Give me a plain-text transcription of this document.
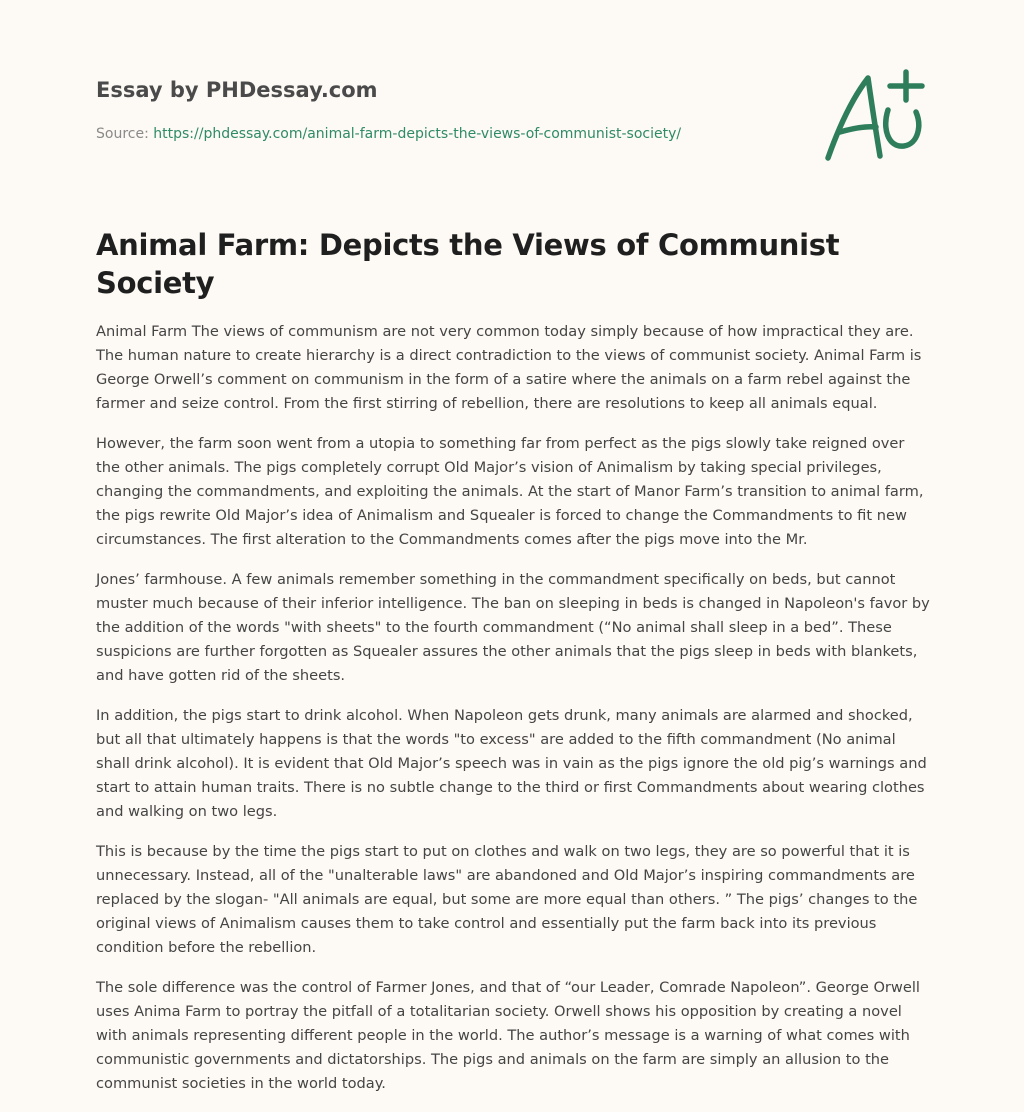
Essay by PHDessay.com
Source: https://phdessay.com/animal-farm-depicts-the-views-of-communist-society/
Animal Farm: Depicts the Views of Communist Society

Animal Farm The views of communism are not very common today simply because of how impractical they are. The human nature to create hierarchy is a direct contradiction to the views of communist society. Animal Farm is George Orwell’s comment on communism in the form of a satire where the animals on a farm rebel against the farmer and seize control. From the first stirring of rebellion, there are resolutions to keep all animals equal.

However, the farm soon went from a utopia to something far from perfect as the pigs slowly take reigned over the other animals. The pigs completely corrupt Old Major’s vision of Animalism by taking special privileges, changing the commandments, and exploiting the animals. At the start of Manor Farm’s transition to animal farm, the pigs rewrite Old Major’s idea of Animalism and Squealer is forced to change the Commandments to fit new circumstances. The first alteration to the Commandments comes after the pigs move into the Mr.

Jones’ farmhouse. A few animals remember something in the commandment specifically on beds, but cannot muster much because of their inferior intelligence. The ban on sleeping in beds is changed in Napoleon's favor by the addition of the words "with sheets" to the fourth commandment (“No animal shall sleep in a bed”. These suspicions are further forgotten as Squealer assures the other animals that the pigs sleep in beds with blankets, and have gotten rid of the sheets.

In addition, the pigs start to drink alcohol. When Napoleon gets drunk, many animals are alarmed and shocked, but all that ultimately happens is that the words "to excess" are added to the fifth commandment (No animal shall drink alcohol). It is evident that Old Major’s speech was in vain as the pigs ignore the old pig’s warnings and start to attain human traits. There is no subtle change to the third or first Commandments about wearing clothes and walking on two legs.

This is because by the time the pigs start to put on clothes and walk on two legs, they are so powerful that it is unnecessary. Instead, all of the "unalterable laws" are abandoned and Old Major’s inspiring commandments are replaced by the slogan- "All animals are equal, but some are more equal than others. ” The pigs’ changes to the original views of Animalism causes them to take control and essentially put the farm back into its previous condition before the rebellion.

The sole difference was the control of Farmer Jones, and that of “our Leader, Comrade Napoleon”. George Orwell uses Anima Farm to portray the pitfall of a totalitarian society. Orwell shows his opposition by creating a novel with animals representing different people in the world. The author’s message is a warning of what comes with communistic governments and dictatorships. The pigs and animals on the farm are simply an allusion to the communist societies in the world today.
